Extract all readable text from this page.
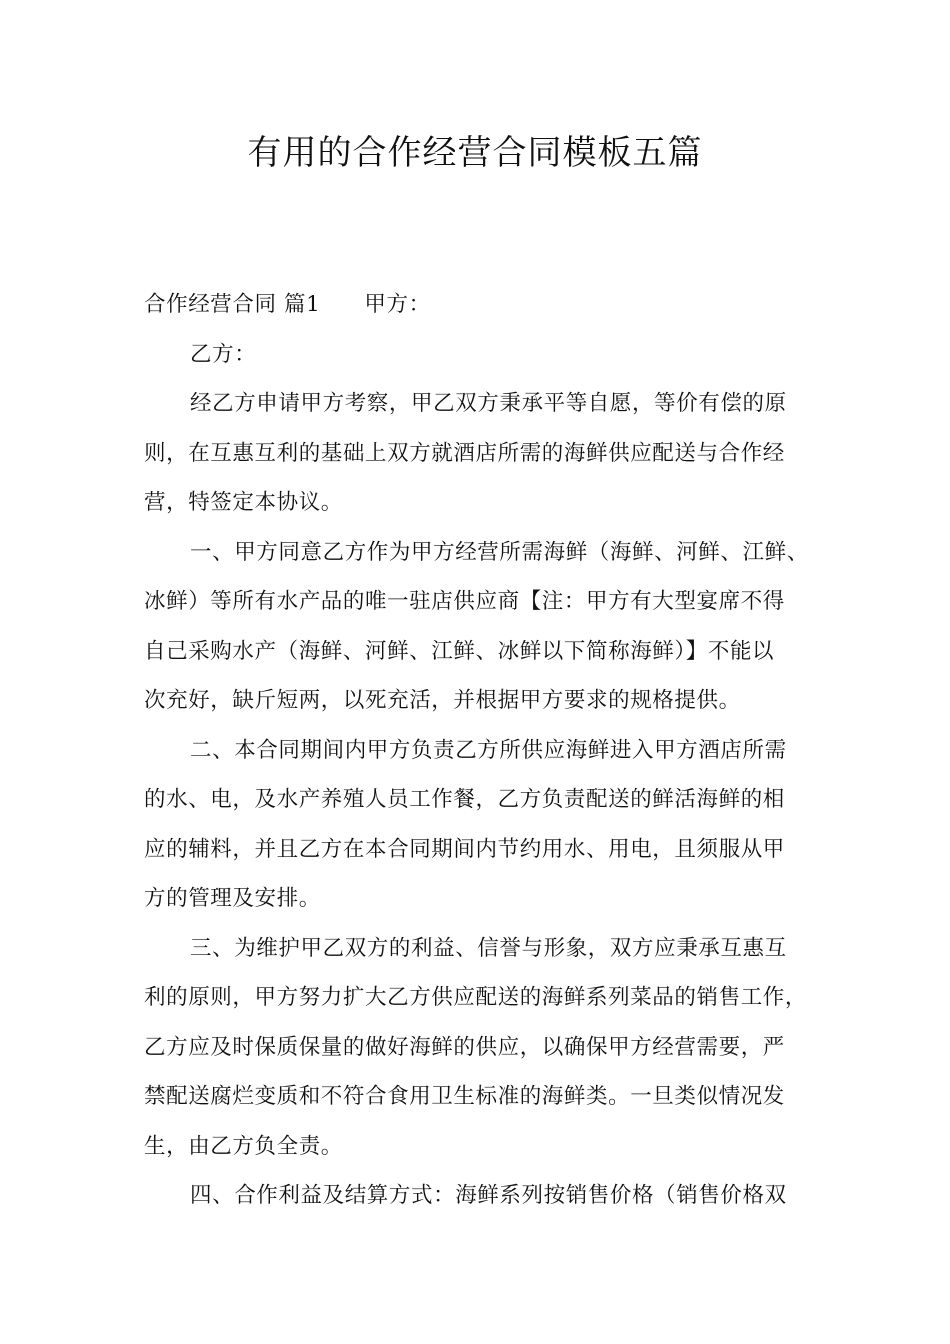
有用的合作经营合同模板五篇
合作经营合同 篇1 甲方：
乙方：
经乙方申请甲方考察，甲乙双方秉承平等自愿，等价有偿的原
则，在互惠互利的基础上双方就酒店所需的海鲜供应配送与合作经
营，特签定本协议。
一、甲方同意乙方作为甲方经营所需海鲜（海鲜、河鲜、江鲜、
冰鲜）等所有水产品的唯一驻店供应商【注：甲方有大型宴席不得
自己采购水产（海鲜、河鲜、江鲜、冰鲜以下简称海鲜）】不能以
次充好，缺斤短两，以死充活，并根据甲方要求的规格提供。
二、本合同期间内甲方负责乙方所供应海鲜进入甲方酒店所需
的水、电，及水产养殖人员工作餐，乙方负责配送的鲜活海鲜的相
应的辅料，并且乙方在本合同期间内节约用水、用电，且须服从甲
方的管理及安排。
三、为维护甲乙双方的利益、信誉与形象，双方应秉承互惠互
利的原则，甲方努力扩大乙方供应配送的海鲜系列菜品的销售工作，
乙方应及时保质保量的做好海鲜的供应，以确保甲方经营需要，严
禁配送腐烂变质和不符合食用卫生标准的海鲜类。一旦类似情况发
生，由乙方负全责。
四、合作利益及结算方式：海鲜系列按销售价格（销售价格双
